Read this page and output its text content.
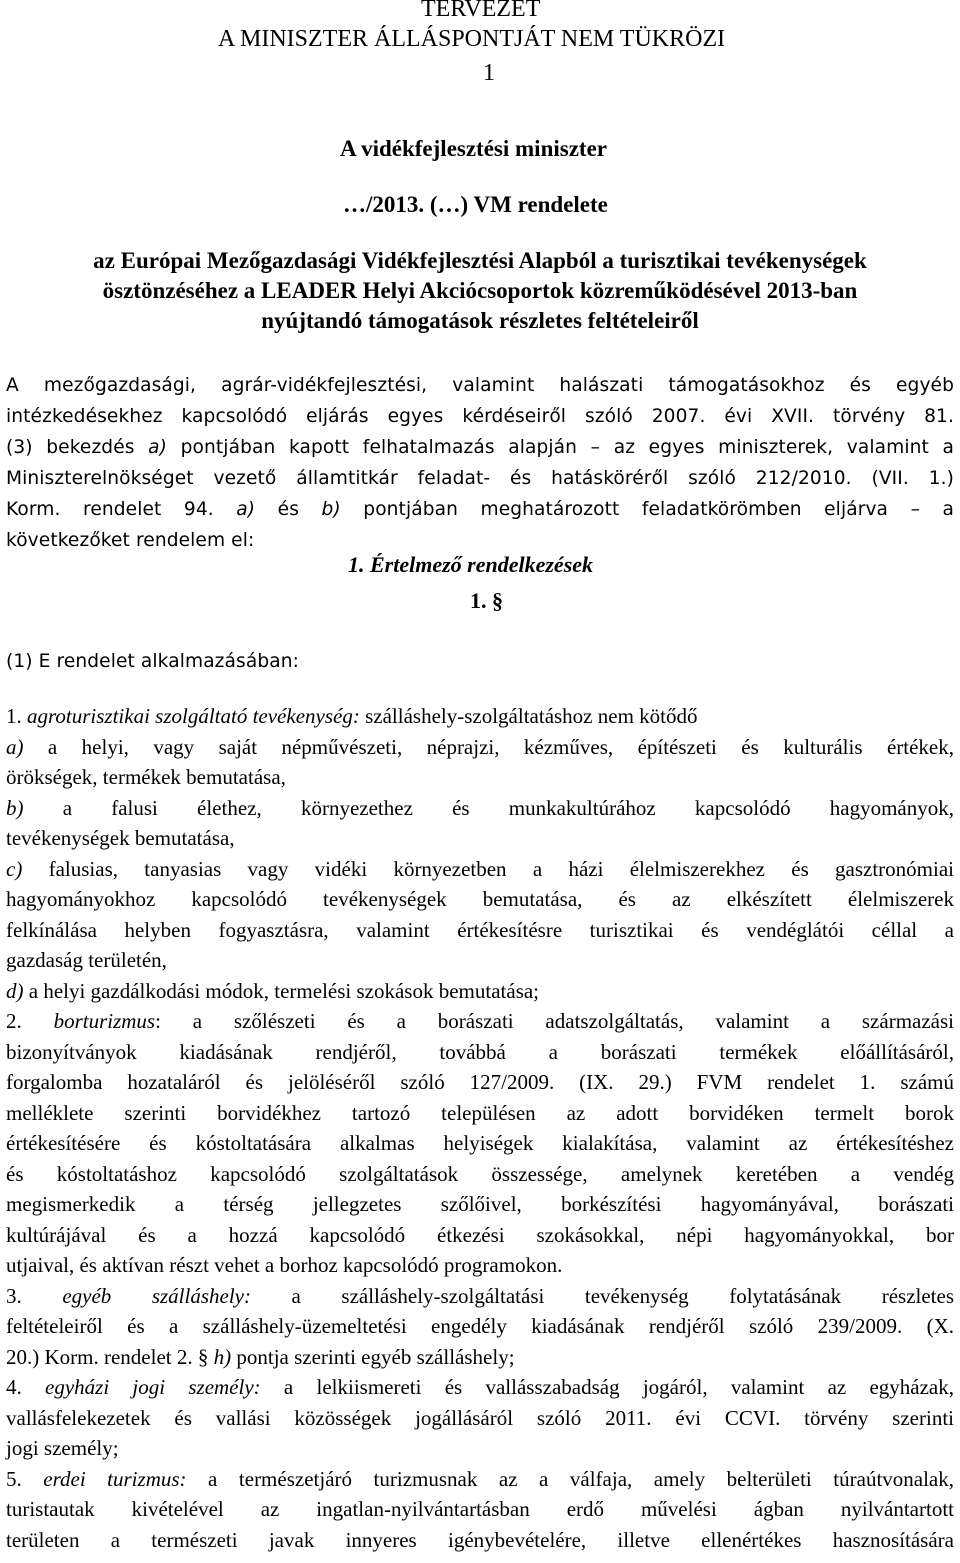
TERVEZET
A MINISZTER ÁLLÁSPONTJÁT NEM TÜKRÖZI
1
A vidékfejlesztési miniszter
…/2013. (…) VM rendelete
az Európai Mezőgazdasági Vidékfejlesztési Alapból a turisztikai tevékenységek
ösztönzéséhez a LEADER Helyi Akciócsoportok közreműködésével 2013-ban
nyújtandó támogatások részletes feltételeiről
A mezőgazdasági, agrár-vidékfejlesztési, valamint halászati támogatásokhoz és egyéb
intézkedésekhez kapcsolódó eljárás egyes kérdéseiről szóló 2007. évi XVII. törvény 81.
(3) bekezdés a) pontjában kapott felhatalmazás alapján – az egyes miniszterek, valamint a
Miniszterelnökséget vezető államtitkár feladat- és hatásköréről szóló 212/2010. (VII. 1.)
Korm. rendelet 94. a) és b) pontjában meghatározott feladatkörömben eljárva – a
következőket rendelem el:
1. Értelmező rendelkezések
1. §
(1) E rendelet alkalmazásában:
1. agroturisztikai szolgáltató tevékenység: szálláshely-szolgáltatáshoz nem kötődő
a) a helyi, vagy saját népművészeti, néprajzi, kézműves, építészeti és kulturális értékek,
örökségek, termékek bemutatása,
b) a falusi élethez, környezethez és munkakultúrához kapcsolódó hagyományok,
tevékenységek bemutatása,
c) falusias, tanyasias vagy vidéki környezetben a házi élelmiszerekhez és gasztronómiai
hagyományokhoz kapcsolódó tevékenységek bemutatása, és az elkészített élelmiszerek
felkínálása helyben fogyasztásra, valamint értékesítésre turisztikai és vendéglátói céllal a
gazdaság területén,
d) a helyi gazdálkodási módok, termelési szokások bemutatása;
2. borturizmus: a szőlészeti és a borászati adatszolgáltatás, valamint a származási
bizonyítványok kiadásának rendjéről, továbbá a borászati termékek előállításáról,
forgalomba hozataláról és jelöléséről szóló 127/2009. (IX. 29.) FVM rendelet 1. számú
melléklete szerinti borvidékhez tartozó településen az adott borvidéken termelt borok
értékesítésére és kóstoltatására alkalmas helyiségek kialakítása, valamint az értékesítéshez
és kóstoltatáshoz kapcsolódó szolgáltatások összessége, amelynek keretében a vendég
megismerkedik a térség jellegzetes szőlőivel, borkészítési hagyományával, borászati
kultúrájával és a hozzá kapcsolódó étkezési szokásokkal, népi hagyományokkal, bor
utjaival, és aktívan részt vehet a borhoz kapcsolódó programokon.
3. egyéb szálláshely: a szálláshely-szolgáltatási tevékenység folytatásának részletes
feltételeiről és a szálláshely-üzemeltetési engedély kiadásának rendjéről szóló 239/2009. (X.
20.) Korm. rendelet 2. § h) pontja szerinti egyéb szálláshely;
4. egyházi jogi személy: a lelkiismereti és vallásszabadság jogáról, valamint az egyházak,
vallásfelekezetek és vallási közösségek jogállásáról szóló 2011. évi CCVI. törvény szerinti
jogi személy;
5. erdei turizmus: a természetjáró turizmusnak az a válfaja, amely belterületi túraútvonalak,
turistautak kivételével az ingatlan-nyilvántartásban erdő művelési ágban nyilvántartott
területen a természeti javak innyeres igénybevételére, illetve ellenértékes hasznosítására
